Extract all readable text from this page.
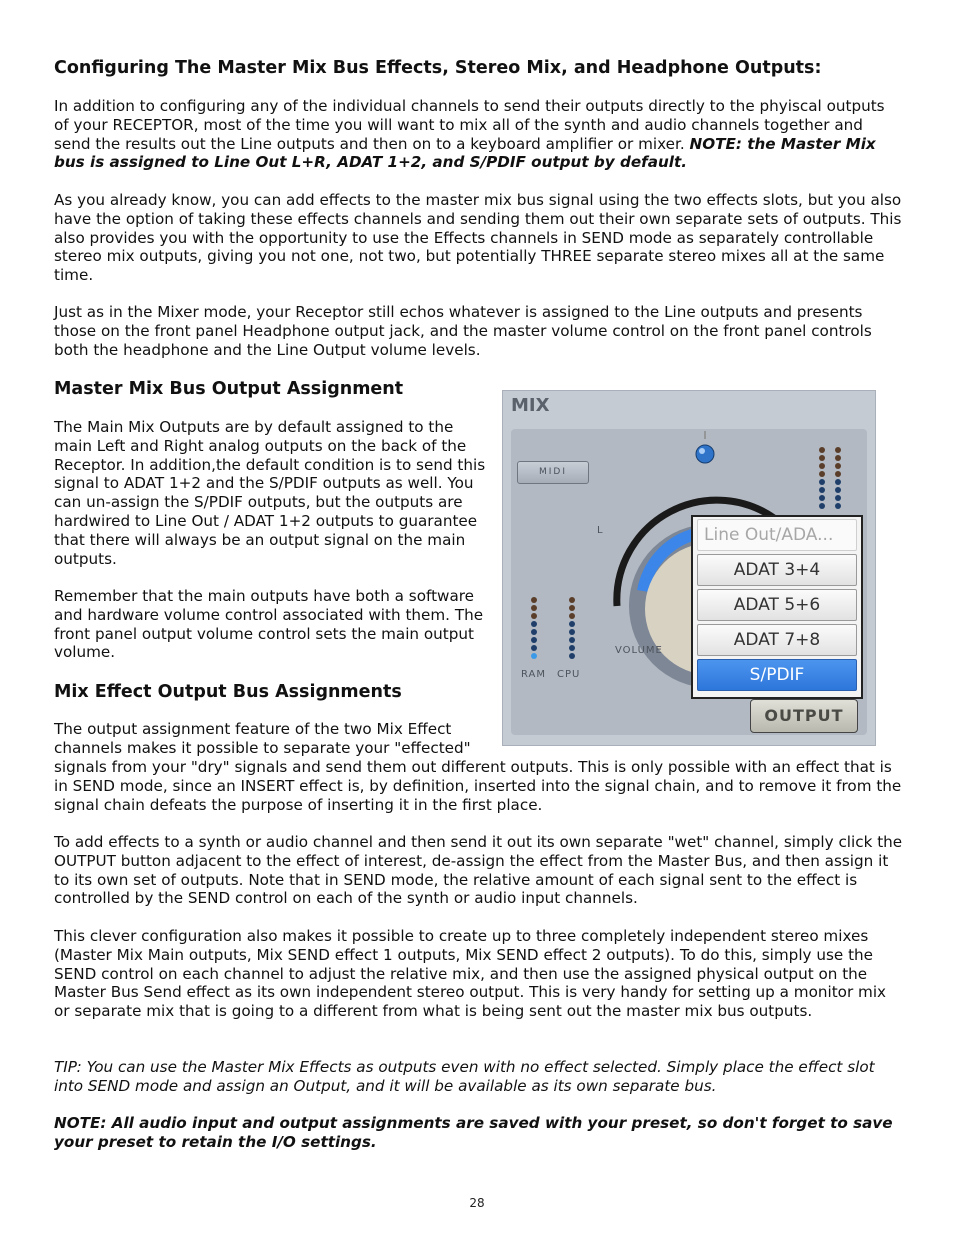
Configuring The Master Mix Bus Effects, Stereo Mix, and Headphone Outputs:

In addition to configuring any of the individual channels to send their outputs directly to the phyiscal outputs of your RECEPTOR, most of the time you will want to mix all of the synth and audio channels together and send the results out the Line outputs and then on to a keyboard amplifier or mixer. NOTE: the Master Mix bus is assigned to Line Out L+R, ADAT 1+2, and S/PDIF output by default.

As you already know, you can add effects to the master mix bus signal using the two effects slots, but you also have the option of taking these effects channels and sending them out their own separate sets of outputs. This also provides you with the opportunity to use the Effects channels in SEND mode as separately controllable stereo mix outputs, giving you not one, not two, but potentially THREE separate stereo mixes all at the same time.

Just as in the Mixer mode, your Receptor still echos whatever is assigned to the Line outputs and presents those on the front panel Headphone output jack, and the master volume control on the front panel controls both the headphone and the Line Output volume levels.

Master Mix Bus Output Assignment

The Main Mix Outputs are by default assigned to the main Left and Right analog outputs on the back of the Receptor. In addition,the default condition is to send this signal to ADAT 1+2 and the S/PDIF outputs as well. You can un-assign the S/PDIF outputs, but the outputs are hardwired to Line Out / ADAT 1+2 outputs to guarantee that there will always be an output signal on the main outputs.

Remember that the main outputs have both a software and hardware volume control associated with them. The front panel output volume control sets the main output volume.

Mix Effect Output Bus Assignments

The output assignment feature of the two Mix Effect channels makes it possible to separate your "effected"

signals from your "dry" signals and send them out different outputs. This is only possible with an effect that is in SEND mode, since an INSERT effect is, by definition, inserted into the signal chain, and to remove it from the signal chain defeats the purpose of inserting it in the first place.

To add effects to a synth or audio channel and then send it out its own separate "wet" channel, simply click the OUTPUT button adjacent to the effect of interest, de-assign the effect from the Master Bus, and then assign it to its own set of outputs. Note that in SEND mode, the relative amount of each signal sent to the effect is controlled by the SEND control on each of the synth or audio input channels.

This clever configuration also makes it possible to create up to three completely independent stereo mixes (Master Mix Main outputs, Mix SEND effect 1 outputs, Mix SEND effect 2 outputs). To do this, simply use the SEND control on each channel to adjust the relative mix, and then use the assigned physical output on the Master Bus Send effect as its own independent stereo output. This is very handy for setting up a monitor mix or separate mix that is going to a different from what is being sent out the master mix bus outputs.

TIP: You can use the Master Mix Effects as outputs even with no effect selected. Simply place the effect slot into SEND mode and assign an Output, and it will be available as its own separate bus.

NOTE: All audio input and output assignments are saved with your preset, so don't forget to save your preset to retain the I/O settings.

28
MIX
MIDI
L
VOLUME
RAM CPU
Line Out/ADA...
ADAT 3+4
ADAT 5+6
ADAT 7+8
S/PDIF
OUTPUT
